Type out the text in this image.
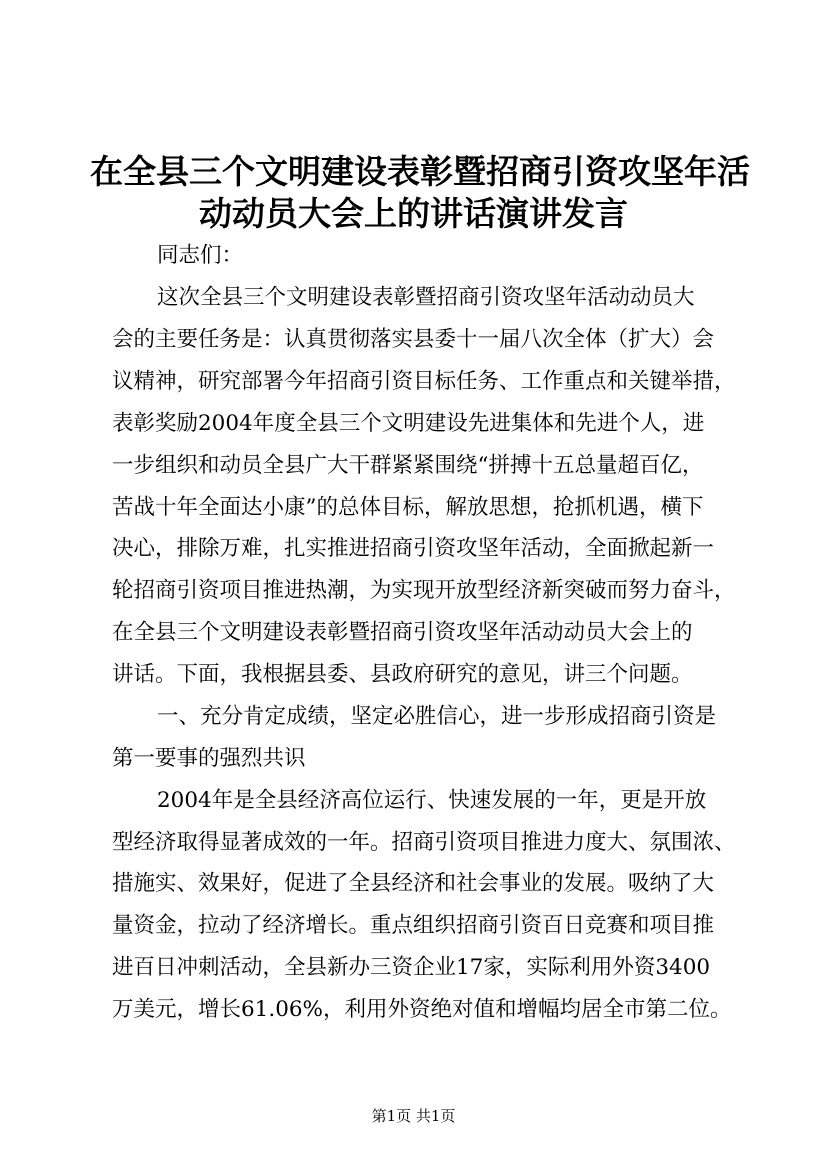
在全县三个文明建设表彰暨招商引资攻坚年活
动动员大会上的讲话演讲发言
同志们：
这次全县三个文明建设表彰暨招商引资攻坚年活动动员大
会的主要任务是：认真贯彻落实县委十一届八次全体（扩大）会
议精神，研究部署今年招商引资目标任务、工作重点和关键举措，
表彰奖励2004年度全县三个文明建设先进集体和先进个人，进
一步组织和动员全县广大干群紧紧围绕“拼搏十五总量超百亿，
苦战十年全面达小康”的总体目标，解放思想，抢抓机遇，横下
决心，排除万难，扎实推进招商引资攻坚年活动，全面掀起新一
轮招商引资项目推进热潮，为实现开放型经济新突破而努力奋斗，
在全县三个文明建设表彰暨招商引资攻坚年活动动员大会上的
讲话。下面，我根据县委、县政府研究的意见，讲三个问题。
一、充分肯定成绩，坚定必胜信心，进一步形成招商引资是
第一要事的强烈共识
2004年是全县经济高位运行、快速发展的一年，更是开放
型经济取得显著成效的一年。招商引资项目推进力度大、氛围浓、
措施实、效果好，促进了全县经济和社会事业的发展。吸纳了大
量资金，拉动了经济增长。重点组织招商引资百日竞赛和项目推
进百日冲刺活动，全县新办三资企业17家，实际利用外资3400
万美元，增长61.06%，利用外资绝对值和增幅均居全市第二位。
第1页 共1页
